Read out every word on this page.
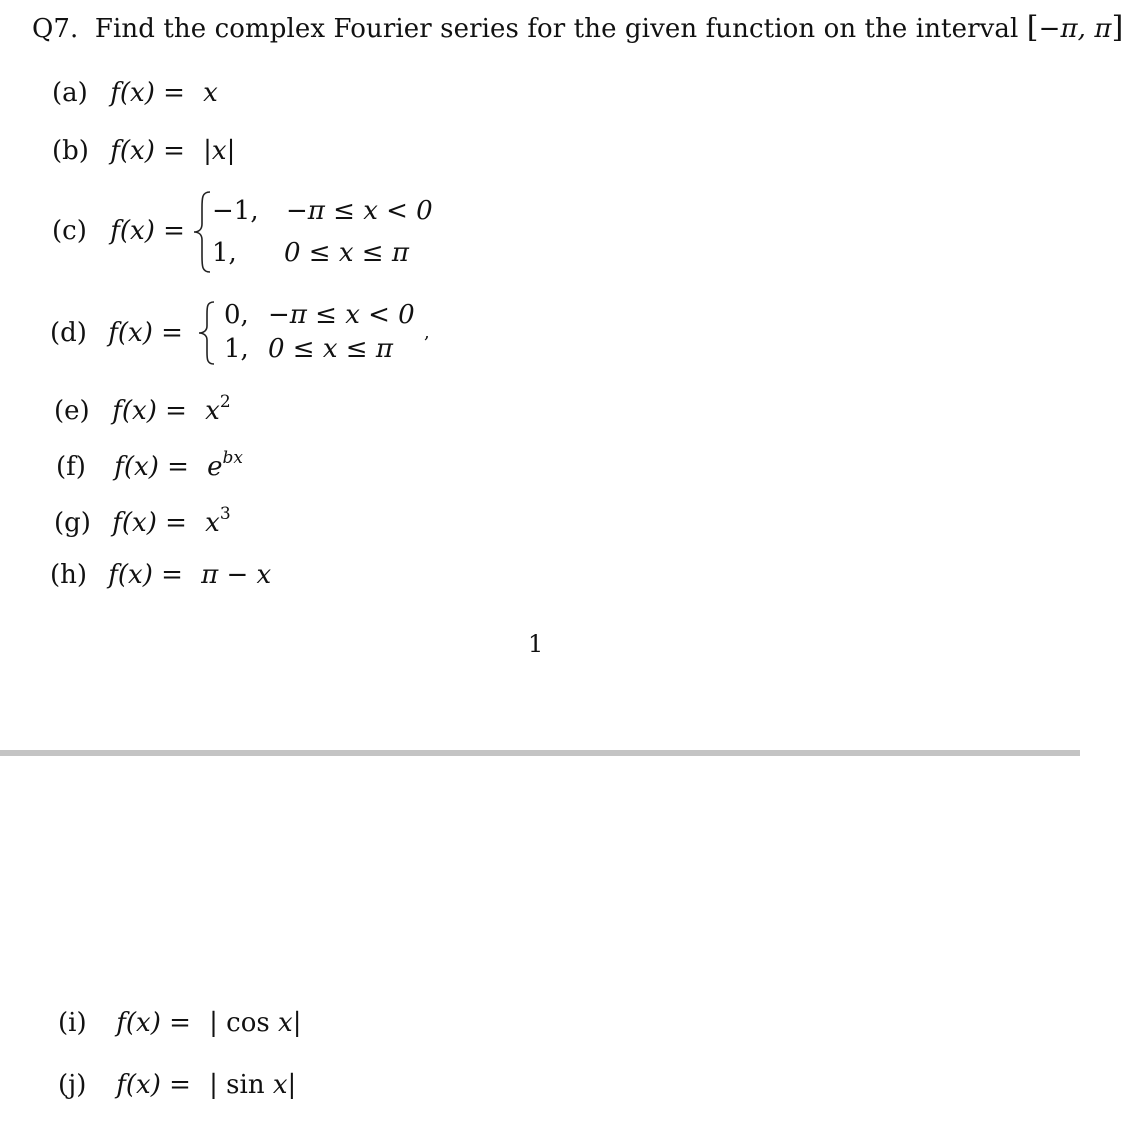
Q7. Find the complex Fourier series for the given function on the interval [−π, π]
(a) f(x) = x
(b) f(x) = |x|
(c) f(x) =
−1, −π ≤ x < 0
1, 0 ≤ x ≤ π
(d) f(x) =
0, −π ≤ x < 0
1, 0 ≤ x ≤ π
,
(e) $f(x) = x^2$
(f) $f(x) = e^{bx}$
(g) $f(x) = x^3$
(h) f(x) = π − x
1
(i) f(x) = | cos x|
(j) f(x) = | sin x|
